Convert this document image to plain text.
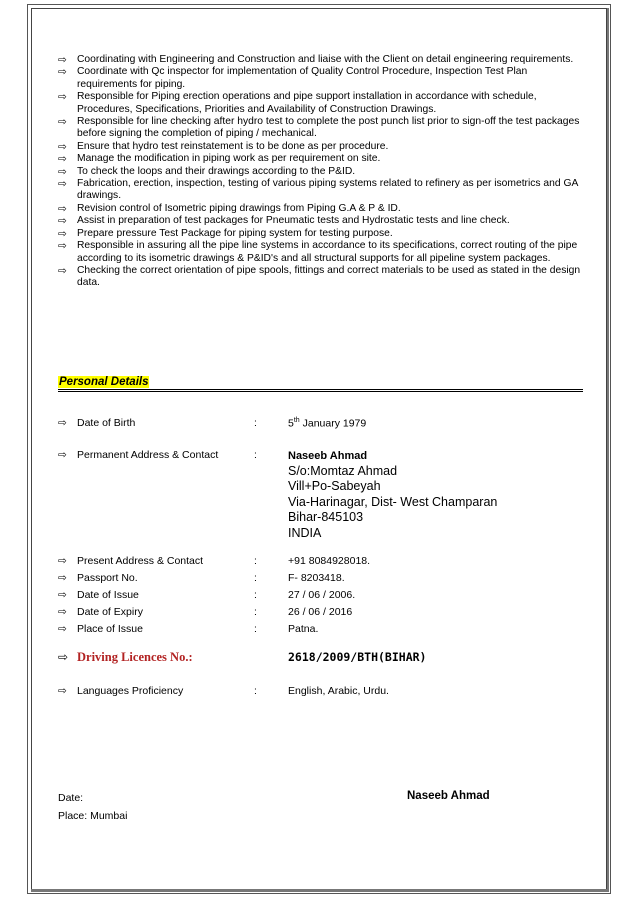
⇨ Coordinating with Engineering and Construction and liaise with the Client on detail engineering requirements.
⇨ Coordinate with Qc inspector for implementation of Quality Control Procedure, Inspection Test Plan requirements for piping.
⇨ Responsible for Piping erection operations and pipe support installation in accordance with schedule, Procedures, Specifications, Priorities and Availability of Construction Drawings.
⇨ Responsible for line checking after hydro test to complete the post punch list prior to sign-off the test packages before signing the completion of piping / mechanical.
⇨ Ensure that hydro test reinstatement is to be done as per procedure.
⇨ Manage the modification in piping work as per requirement on site.
⇨ To check the loops and their drawings according to the P&ID.
⇨ Fabrication, erection, inspection, testing of various piping systems related to refinery as per isometrics and GA drawings.
⇨ Revision control of Isometric piping drawings from Piping G.A & P & ID.
⇨ Assist in preparation of test packages for Pneumatic tests and Hydrostatic tests and line check.
⇨ Prepare pressure Test Package for piping system for testing purpose.
⇨ Responsible in assuring all the pipe line systems in accordance to its specifications, correct routing of the pipe according to its isometric drawings & P&ID's and all structural supports for all pipeline system packages.
⇨ Checking the correct orientation of pipe spools, fittings and correct materials to be used as stated in the design data.
Personal Details
⇨ Date of Birth	:	5th January 1979
⇨ Permanent Address & Contact	:	Naseeb Ahmad
S/o:Momtaz Ahmad
Vill+Po-Sabeyah
Via-Harinagar, Dist- West Champaran
Bihar-845103
INDIA
⇨ Present Address & Contact	:	+91 8084928018.
⇨ Passport No.	:	F- 8203418.
⇨ Date of Issue	:	27 / 06 / 2006.
⇨ Date of Expiry	:	26 / 06 / 2016
⇨ Place of Issue	:	Patna.
⇨ Driving Licences No.:	2618/2009/BTH(BIHAR)
⇨ Languages Proficiency	:	English, Arabic, Urdu.
Date:
Place: Mumbai
Naseeb Ahmad
